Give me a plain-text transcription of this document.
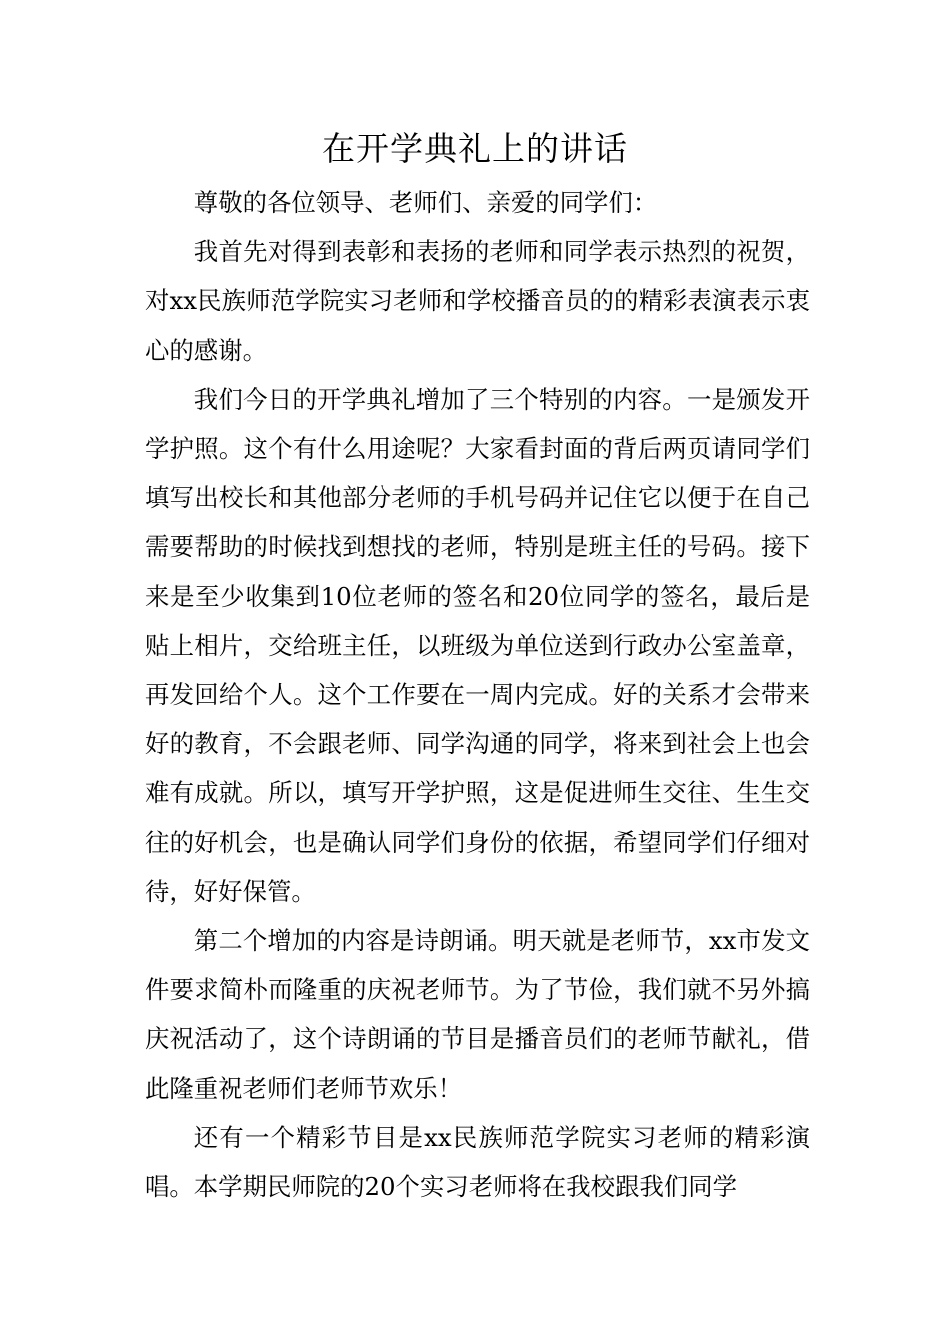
在开学典礼上的讲话

尊敬的各位领导、老师们、亲爱的同学们：

我首先对得到表彰和表扬的老师和同学表示热烈的祝贺，对xx民族师范学院实习老师和学校播音员的的精彩表演表示衷心的感谢。

我们今日的开学典礼增加了三个特别的内容。一是颁发开学护照。这个有什么用途呢？大家看封面的背后两页请同学们填写出校长和其他部分老师的手机号码并记住它以便于在自己需要帮助的时候找到想找的老师，特别是班主任的号码。接下来是至少收集到10位老师的签名和20位同学的签名，最后是贴上相片，交给班主任，以班级为单位送到行政办公室盖章，再发回给个人。这个工作要在一周内完成。好的关系才会带来好的教育，不会跟老师、同学沟通的同学，将来到社会上也会难有成就。所以，填写开学护照，这是促进师生交往、生生交往的好机会，也是确认同学们身份的依据，希望同学们仔细对待，好好保管。

第二个增加的内容是诗朗诵。明天就是老师节，xx市发文件要求简朴而隆重的庆祝老师节。为了节俭，我们就不另外搞庆祝活动了，这个诗朗诵的节目是播音员们的老师节献礼，借此隆重祝老师们老师节欢乐！

还有一个精彩节目是xx民族师范学院实习老师的精彩演唱。本学期民师院的20个实习老师将在我校跟我们同学
